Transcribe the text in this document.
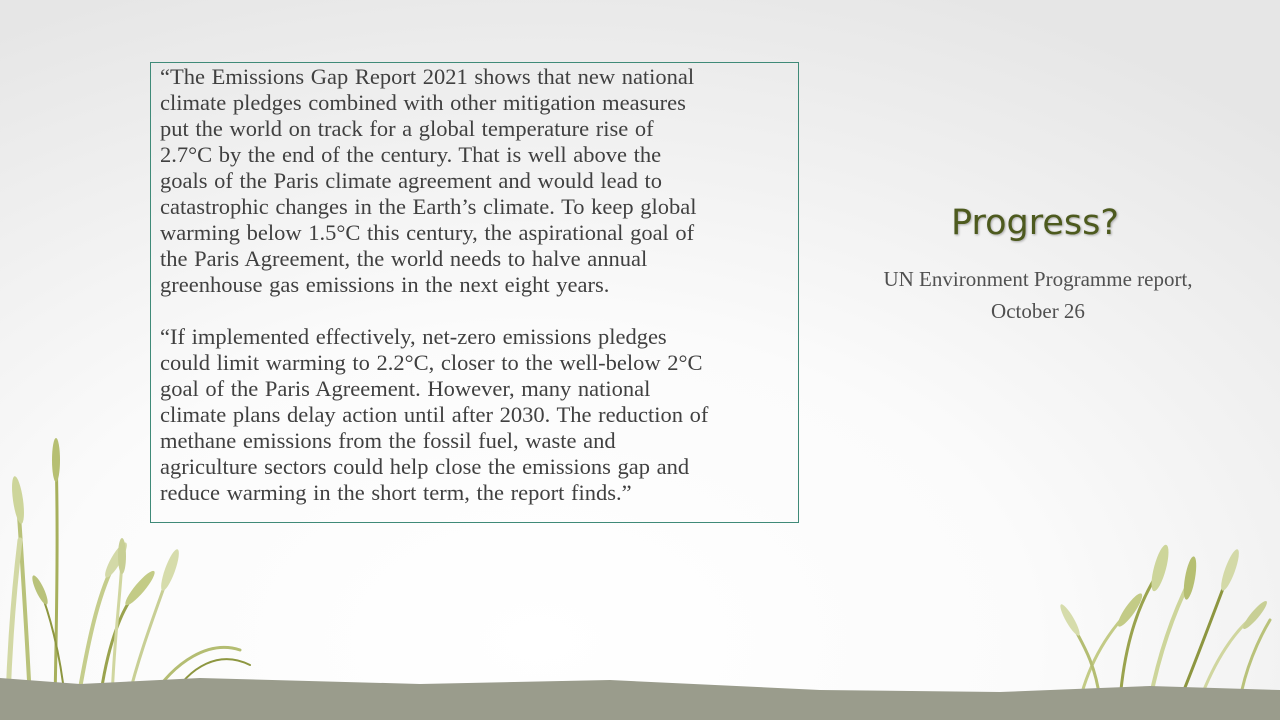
“The Emissions Gap Report 2021 shows that new national

climate pledges combined with other mitigation measures

put the world on track for a global temperature rise of

2.7°C by the end of the century. That is well above the

goals of the Paris climate agreement and would lead to

catastrophic changes in the Earth’s climate. To keep global

warming below 1.5°C this century, the aspirational goal of

the Paris Agreement, the world needs to halve annual

greenhouse gas emissions in the next eight years.

“If implemented effectively, net-zero emissions pledges

could limit warming to 2.2°C, closer to the well-below 2°C

goal of the Paris Agreement. However, many national

climate plans delay action until after 2030. The reduction of

methane emissions from the fossil fuel, waste and

agriculture sectors could help close the emissions gap and

reduce warming in the short term, the report finds.”

Progress?
UN Environment Programme report,
October 26
